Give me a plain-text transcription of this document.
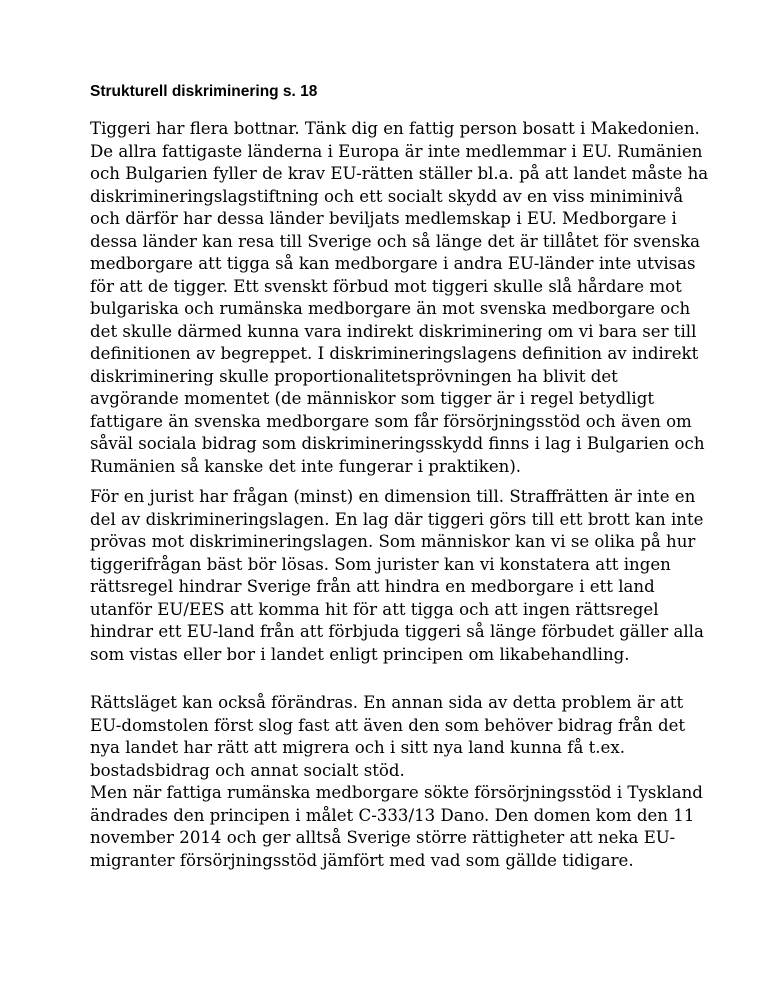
Strukturell diskriminering s. 18
Tiggeri har flera bottnar. Tänk dig en fattig person bosatt i Makedonien.
De allra fattigaste länderna i Europa är inte medlemmar i EU. Rumänien
och Bulgarien fyller de krav EU-rätten ställer bl.a. på att landet måste ha
diskrimineringslagstiftning och ett socialt skydd av en viss miniminivå
och därför har dessa länder beviljats medlemskap i EU. Medborgare i
dessa länder kan resa till Sverige och så länge det är tillåtet för svenska
medborgare att tigga så kan medborgare i andra EU-länder inte utvisas
för att de tigger. Ett svenskt förbud mot tiggeri skulle slå hårdare mot
bulgariska och rumänska medborgare än mot svenska medborgare och
det skulle därmed kunna vara indirekt diskriminering om vi bara ser till
definitionen av begreppet. I diskrimineringslagens definition av indirekt
diskriminering skulle proportionalitetsprövningen ha blivit det
avgörande momentet (de människor som tigger är i regel betydligt
fattigare än svenska medborgare som får försörjningsstöd och även om
såväl sociala bidrag som diskrimineringsskydd finns i lag i Bulgarien och
Rumänien så kanske det inte fungerar i praktiken).
För en jurist har frågan (minst) en dimension till. Straffrätten är inte en
del av diskrimineringslagen. En lag där tiggeri görs till ett brott kan inte
prövas mot diskrimineringslagen. Som människor kan vi se olika på hur
tiggerifrågan bäst bör lösas. Som jurister kan vi konstatera att ingen
rättsregel hindrar Sverige från att hindra en medborgare i ett land
utanför EU/EES att komma hit för att tigga och att ingen rättsregel
hindrar ett EU-land från att förbjuda tiggeri så länge förbudet gäller alla
som vistas eller bor i landet enligt principen om likabehandling.
Rättsläget kan också förändras. En annan sida av detta problem är att
EU-domstolen först slog fast att även den som behöver bidrag från det
nya landet har rätt att migrera och i sitt nya land kunna få t.ex.
bostadsbidrag och annat socialt stöd.
Men när fattiga rumänska medborgare sökte försörjningsstöd i Tyskland
ändrades den principen i målet C-333/13 Dano. Den domen kom den 11
november 2014 och ger alltså Sverige större rättigheter att neka EU-
migranter försörjningsstöd jämfört med vad som gällde tidigare.
